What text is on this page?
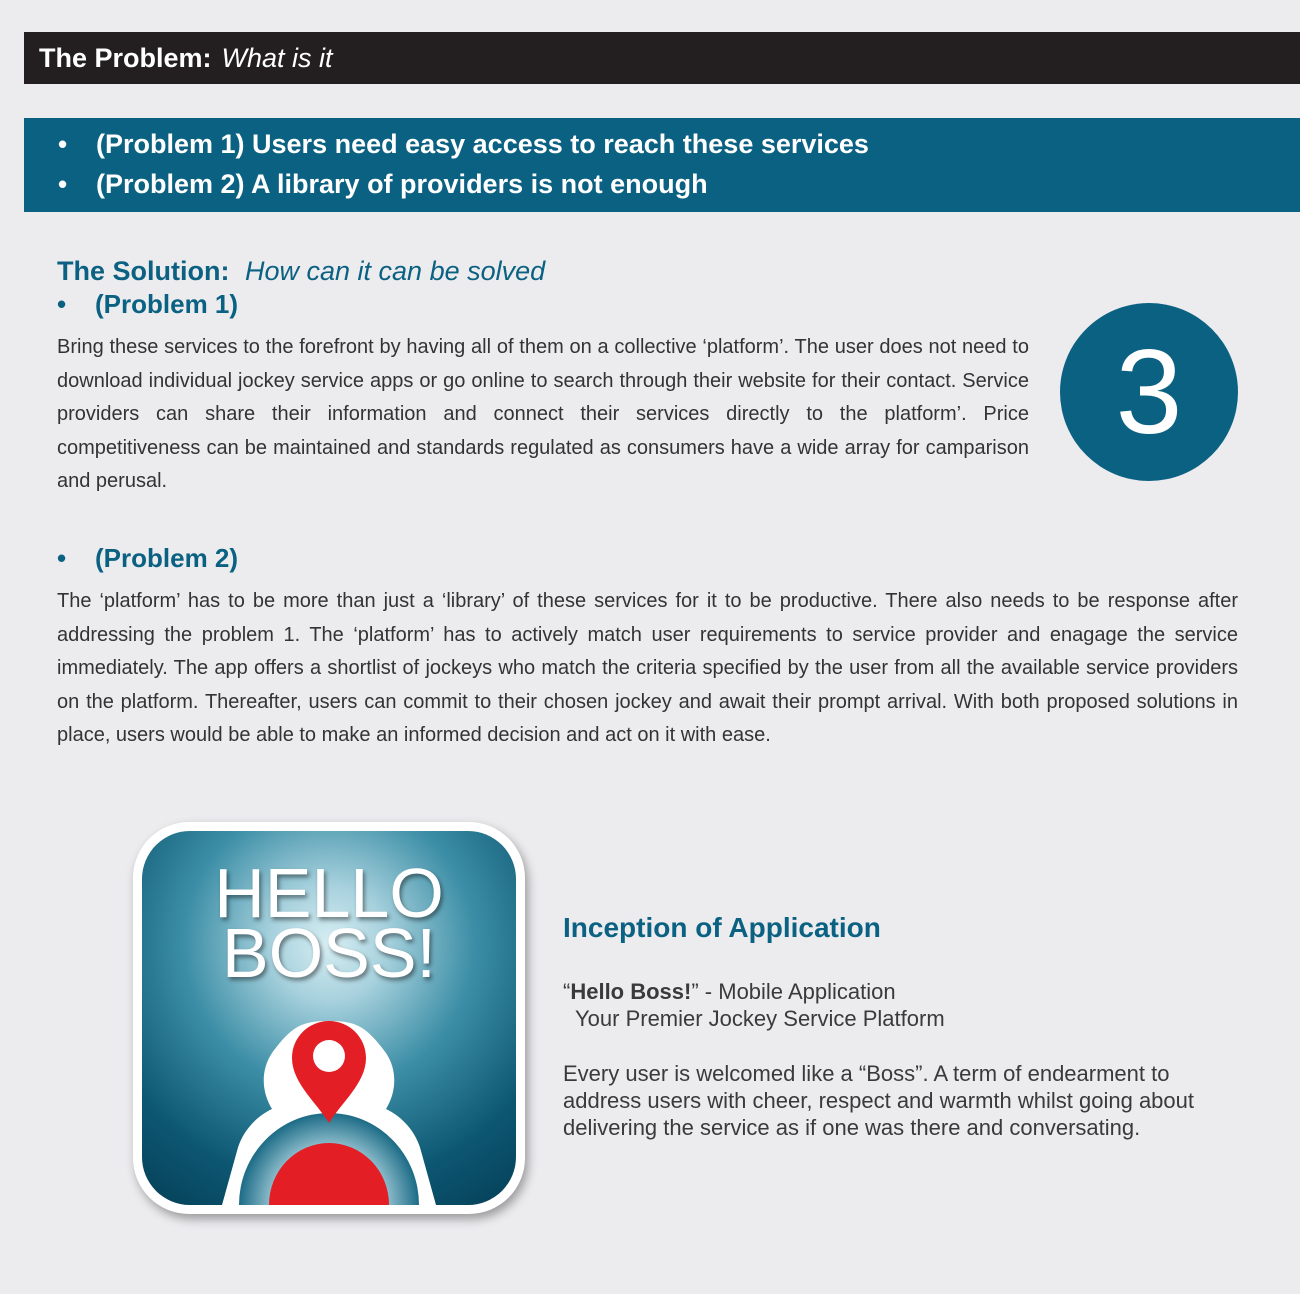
The Problem: What is it
•	(Problem 1) Users need easy access to reach these services
•	(Problem 2) A library of providers is not enough
The Solution: How can it can be solved
•	(Problem 1)
Bring these services to the forefront by having all of them on a collective ‘platform’. The user does not need to download individual jockey service apps or go online to search through their website for their contact. Service providers can share their information and connect their services directly to the platform’. Price competitiveness can be maintained and standards regulated as consumers have a wide array for camparison and perusal.
3
•	(Problem 2)
The ‘platform’ has to be more than just a ‘library’ of these services for it to be productive. There also needs to be response after addressing the problem 1. The ‘platform’ has to actively match user requirements to service provider and enagage the service immediately. The app offers a shortlist of jockeys who match the criteria specified by the user from all the available service providers on the platform. Thereafter, users can commit to their chosen jockey and await their prompt arrival. With both proposed solutions in place, users would be able to make an informed decision and act on it with ease.
HELLO
BOSS!	Inception of Application
“Hello Boss!” - Mobile Application
Your Premier Jockey Service Platform
Every user is welcomed like a “Boss”. A term of endearment to address users with cheer, respect and warmth whilst going about delivering the service as if one was there and conversating.
